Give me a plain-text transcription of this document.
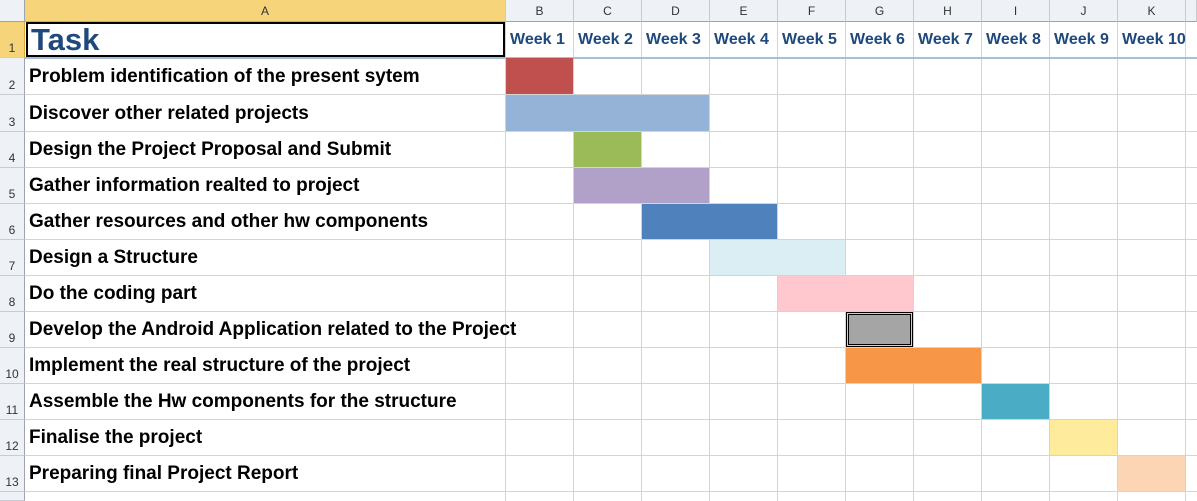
A	B	C	D	E	F	G	H	I	J	K
1
2
3
4
5
6
7
8
9
10
11
12
13
Task	Week 1 Week 2 Week 3 Week 4 Week 5 Week 6 Week 7 Week 8 Week 9 Week 10
Problem identification of the present sytem
Discover other related projects
Design the Project Proposal and Submit
Gather information realted to project
Gather resources and other hw components
Design a Structure
Do the coding part
Develop the Android Application related to the Project
Implement the real structure of the project
Assemble the Hw components for the structure
Finalise the project
Preparing final Project Report
